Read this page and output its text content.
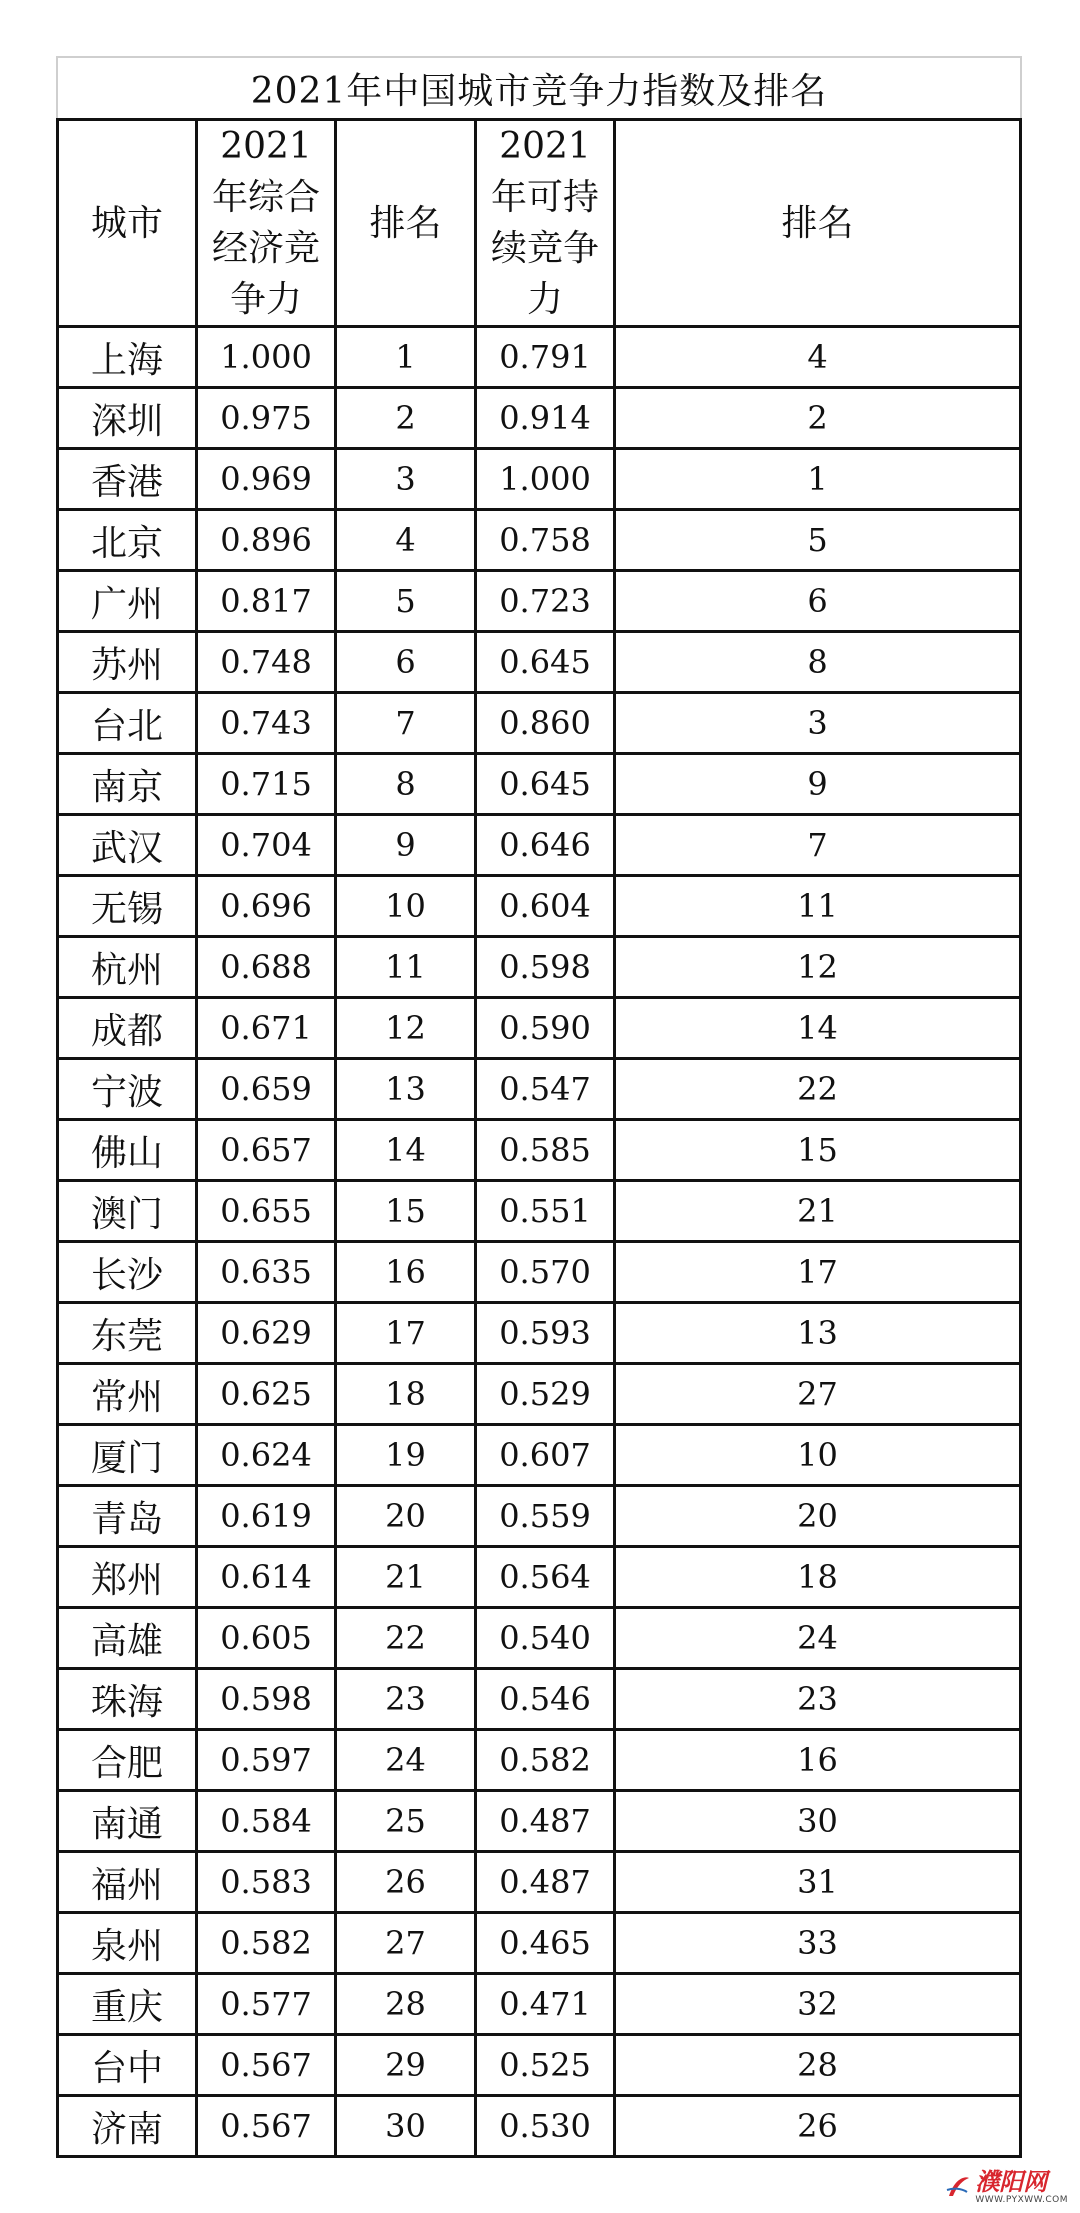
2021年中国城市竞争力指数及排名
城市	2021年综合经济竞争力	排名	2021年可持续竞争力	排名
上海	1.000	1	0.791	4
深圳	0.975	2	0.914	2
香港	0.969	3	1.000	1
北京	0.896	4	0.758	5
广州	0.817	5	0.723	6
苏州	0.748	6	0.645	8
台北	0.743	7	0.860	3
南京	0.715	8	0.645	9
武汉	0.704	9	0.646	7
无锡	0.696	10	0.604	11
杭州	0.688	11	0.598	12
成都	0.671	12	0.590	14
宁波	0.659	13	0.547	22
佛山	0.657	14	0.585	15
澳门	0.655	15	0.551	21
长沙	0.635	16	0.570	17
东莞	0.629	17	0.593	13
常州	0.625	18	0.529	27
厦门	0.624	19	0.607	10
青岛	0.619	20	0.559	20
郑州	0.614	21	0.564	18
高雄	0.605	22	0.540	24
珠海	0.598	23	0.546	23
合肥	0.597	24	0.582	16
南通	0.584	25	0.487	30
福州	0.583	26	0.487	31
泉州	0.582	27	0.465	33
重庆	0.577	28	0.471	32
台中	0.567	29	0.525	28
济南	0.567	30	0.530	26
濮阳网
WWW.PYXWW.COM
